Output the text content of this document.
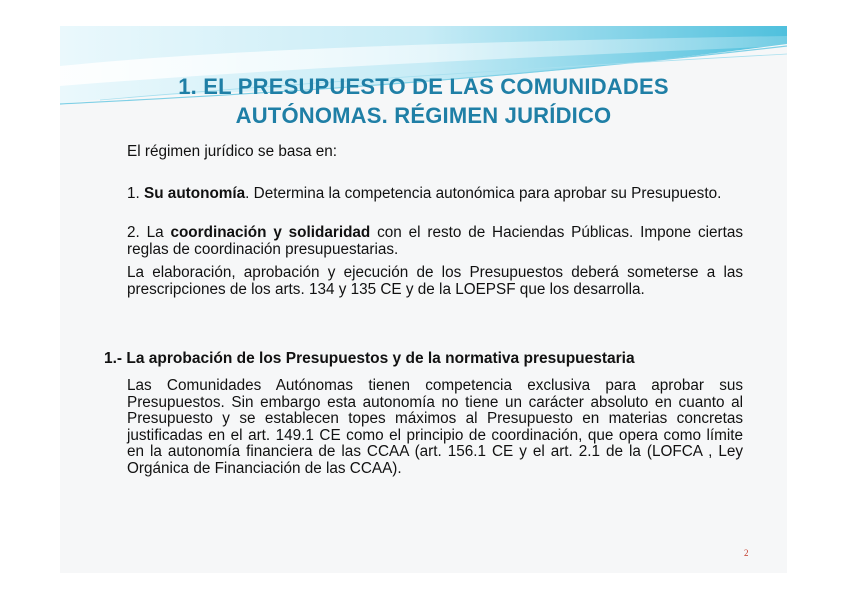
1. EL PRESUPUESTO DE LAS COMUNIDADES
AUTÓNOMAS. RÉGIMEN JURÍDICO
El régimen jurídico se basa en:
1. Su autonomía. Determina la competencia autonómica para aprobar su Presupuesto.
2. La coordinación y solidaridad con el resto de Haciendas Públicas. Impone ciertas reglas de coordinación presupuestarias.
La elaboración, aprobación y ejecución de los Presupuestos deberá someterse a las prescripciones de los arts. 134 y 135 CE y de la LOEPSF que los desarrolla.
1.- La aprobación de los Presupuestos y de la normativa presupuestaria
Las Comunidades Autónomas tienen competencia exclusiva para aprobar sus Presupuestos. Sin embargo esta autonomía no tiene un carácter absoluto en cuanto al Presupuesto y se establecen topes máximos al Presupuesto en materias concretas justificadas en el art. 149.1 CE como el principio de coordinación, que opera como límite en la autonomía financiera de las CCAA (art. 156.1 CE y el art. 2.1 de la (LOFCA , Ley Orgánica de Financiación de las CCAA).
2
